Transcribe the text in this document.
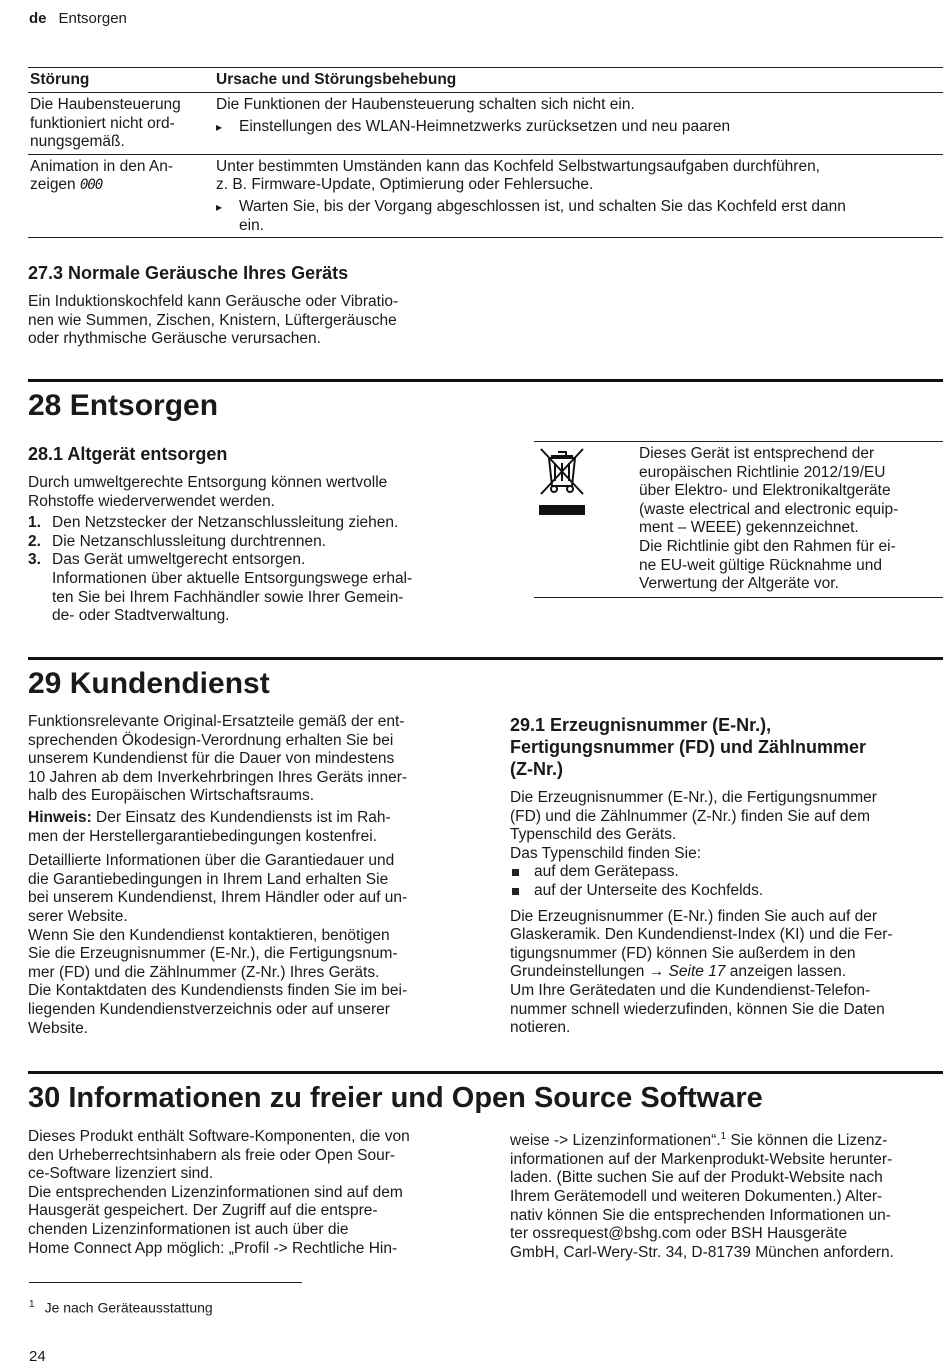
de Entsorgen
Störung	Ursache und Störungsbehebung
Die Haubensteuerung
funktioniert nicht ord-
nungsgemäß.
Die Funktionen der Haubensteuerung schalten sich nicht ein.
▸ Einstellungen des WLAN-Heimnetzwerks zurücksetzen und neu paaren
Animation in den An-
zeigen 000
Unter bestimmten Umständen kann das Kochfeld Selbstwartungsaufgaben durchführen,
z. B. Firmware-Update, Optimierung oder Fehlersuche.
▸ Warten Sie, bis der Vorgang abgeschlossen ist, und schalten Sie das Kochfeld erst dann
ein.
27.3 Normale Geräusche Ihres Geräts
Ein Induktionskochfeld kann Geräusche oder Vibratio-
nen wie Summen, Zischen, Knistern, Lüftergeräusche
oder rhythmische Geräusche verursachen.
28 Entsorgen
28.1 Altgerät entsorgen
Durch umweltgerechte Entsorgung können wertvolle
Rohstoffe wiederverwendet werden.
1. Den Netzstecker der Netzanschlussleitung ziehen.
2. Die Netzanschlussleitung durchtrennen.
3. Das Gerät umweltgerecht entsorgen.
Informationen über aktuelle Entsorgungswege erhal-
ten Sie bei Ihrem Fachhändler sowie Ihrer Gemein-
de- oder Stadtverwaltung.
Dieses Gerät ist entsprechend der
europäischen Richtlinie 2012/19/EU
über Elektro- und Elektronikaltgeräte
(waste electrical and electronic equip-
ment – WEEE) gekennzeichnet.
Die Richtlinie gibt den Rahmen für ei-
ne EU-weit gültige Rücknahme und
Verwertung der Altgeräte vor.
29 Kundendienst
Funktionsrelevante Original-Ersatzteile gemäß der ent-
sprechenden Ökodesign-Verordnung erhalten Sie bei
unserem Kundendienst für die Dauer von mindestens
10 Jahren ab dem Inverkehrbringen Ihres Geräts inner-
halb des Europäischen Wirtschaftsraums.
Hinweis: Der Einsatz des Kundendiensts ist im Rah-
men der Herstellergarantiebedingungen kostenfrei.
Detaillierte Informationen über die Garantiedauer und
die Garantiebedingungen in Ihrem Land erhalten Sie
bei unserem Kundendienst, Ihrem Händler oder auf un-
serer Website.
Wenn Sie den Kundendienst kontaktieren, benötigen
Sie die Erzeugnisnummer (E-Nr.), die Fertigungsnum-
mer (FD) und die Zählnummer (Z-Nr.) Ihres Geräts.
Die Kontaktdaten des Kundendiensts finden Sie im bei-
liegenden Kundendienstverzeichnis oder auf unserer
Website.
29.1 Erzeugnisnummer (E-Nr.),
Fertigungsnummer (FD) und Zählnummer
(Z-Nr.)
Die Erzeugnisnummer (E-Nr.), die Fertigungsnummer
(FD) und die Zählnummer (Z-Nr.) finden Sie auf dem
Typenschild des Geräts.
Das Typenschild finden Sie:
auf dem Gerätepass.
auf der Unterseite des Kochfelds.
Die Erzeugnisnummer (E-Nr.) finden Sie auch auf der
Glaskeramik. Den Kundendienst-Index (KI) und die Fer-
tigungsnummer (FD) können Sie außerdem in den
Grundeinstellungen → Seite 17 anzeigen lassen.
Um Ihre Gerätedaten und die Kundendienst-Telefon-
nummer schnell wiederzufinden, können Sie die Daten
notieren.
30 Informationen zu freier und Open Source Software
Dieses Produkt enthält Software-Komponenten, die von
den Urheberrechtsinhabern als freie oder Open Sour-
ce-Software lizenziert sind.
Die entsprechenden Lizenzinformationen sind auf dem
Hausgerät gespeichert. Der Zugriff auf die entspre-
chenden Lizenzinformationen ist auch über die
Home Connect App möglich: „Profil -> Rechtliche Hin-
weise -> Lizenzinformationen“.$^1$ Sie können die Lizenz-
informationen auf der Markenprodukt-Website herunter-
laden. (Bitte suchen Sie auf der Produkt-Website nach
Ihrem Gerätemodell und weiteren Dokumenten.) Alter-
nativ können Sie die entsprechenden Informationen un-
ter ossrequest@bshg.com oder BSH Hausgeräte
GmbH, Carl-Wery-Str. 34, D-81739 München anfordern.
$^1$ Je nach Geräteausstattung
24
